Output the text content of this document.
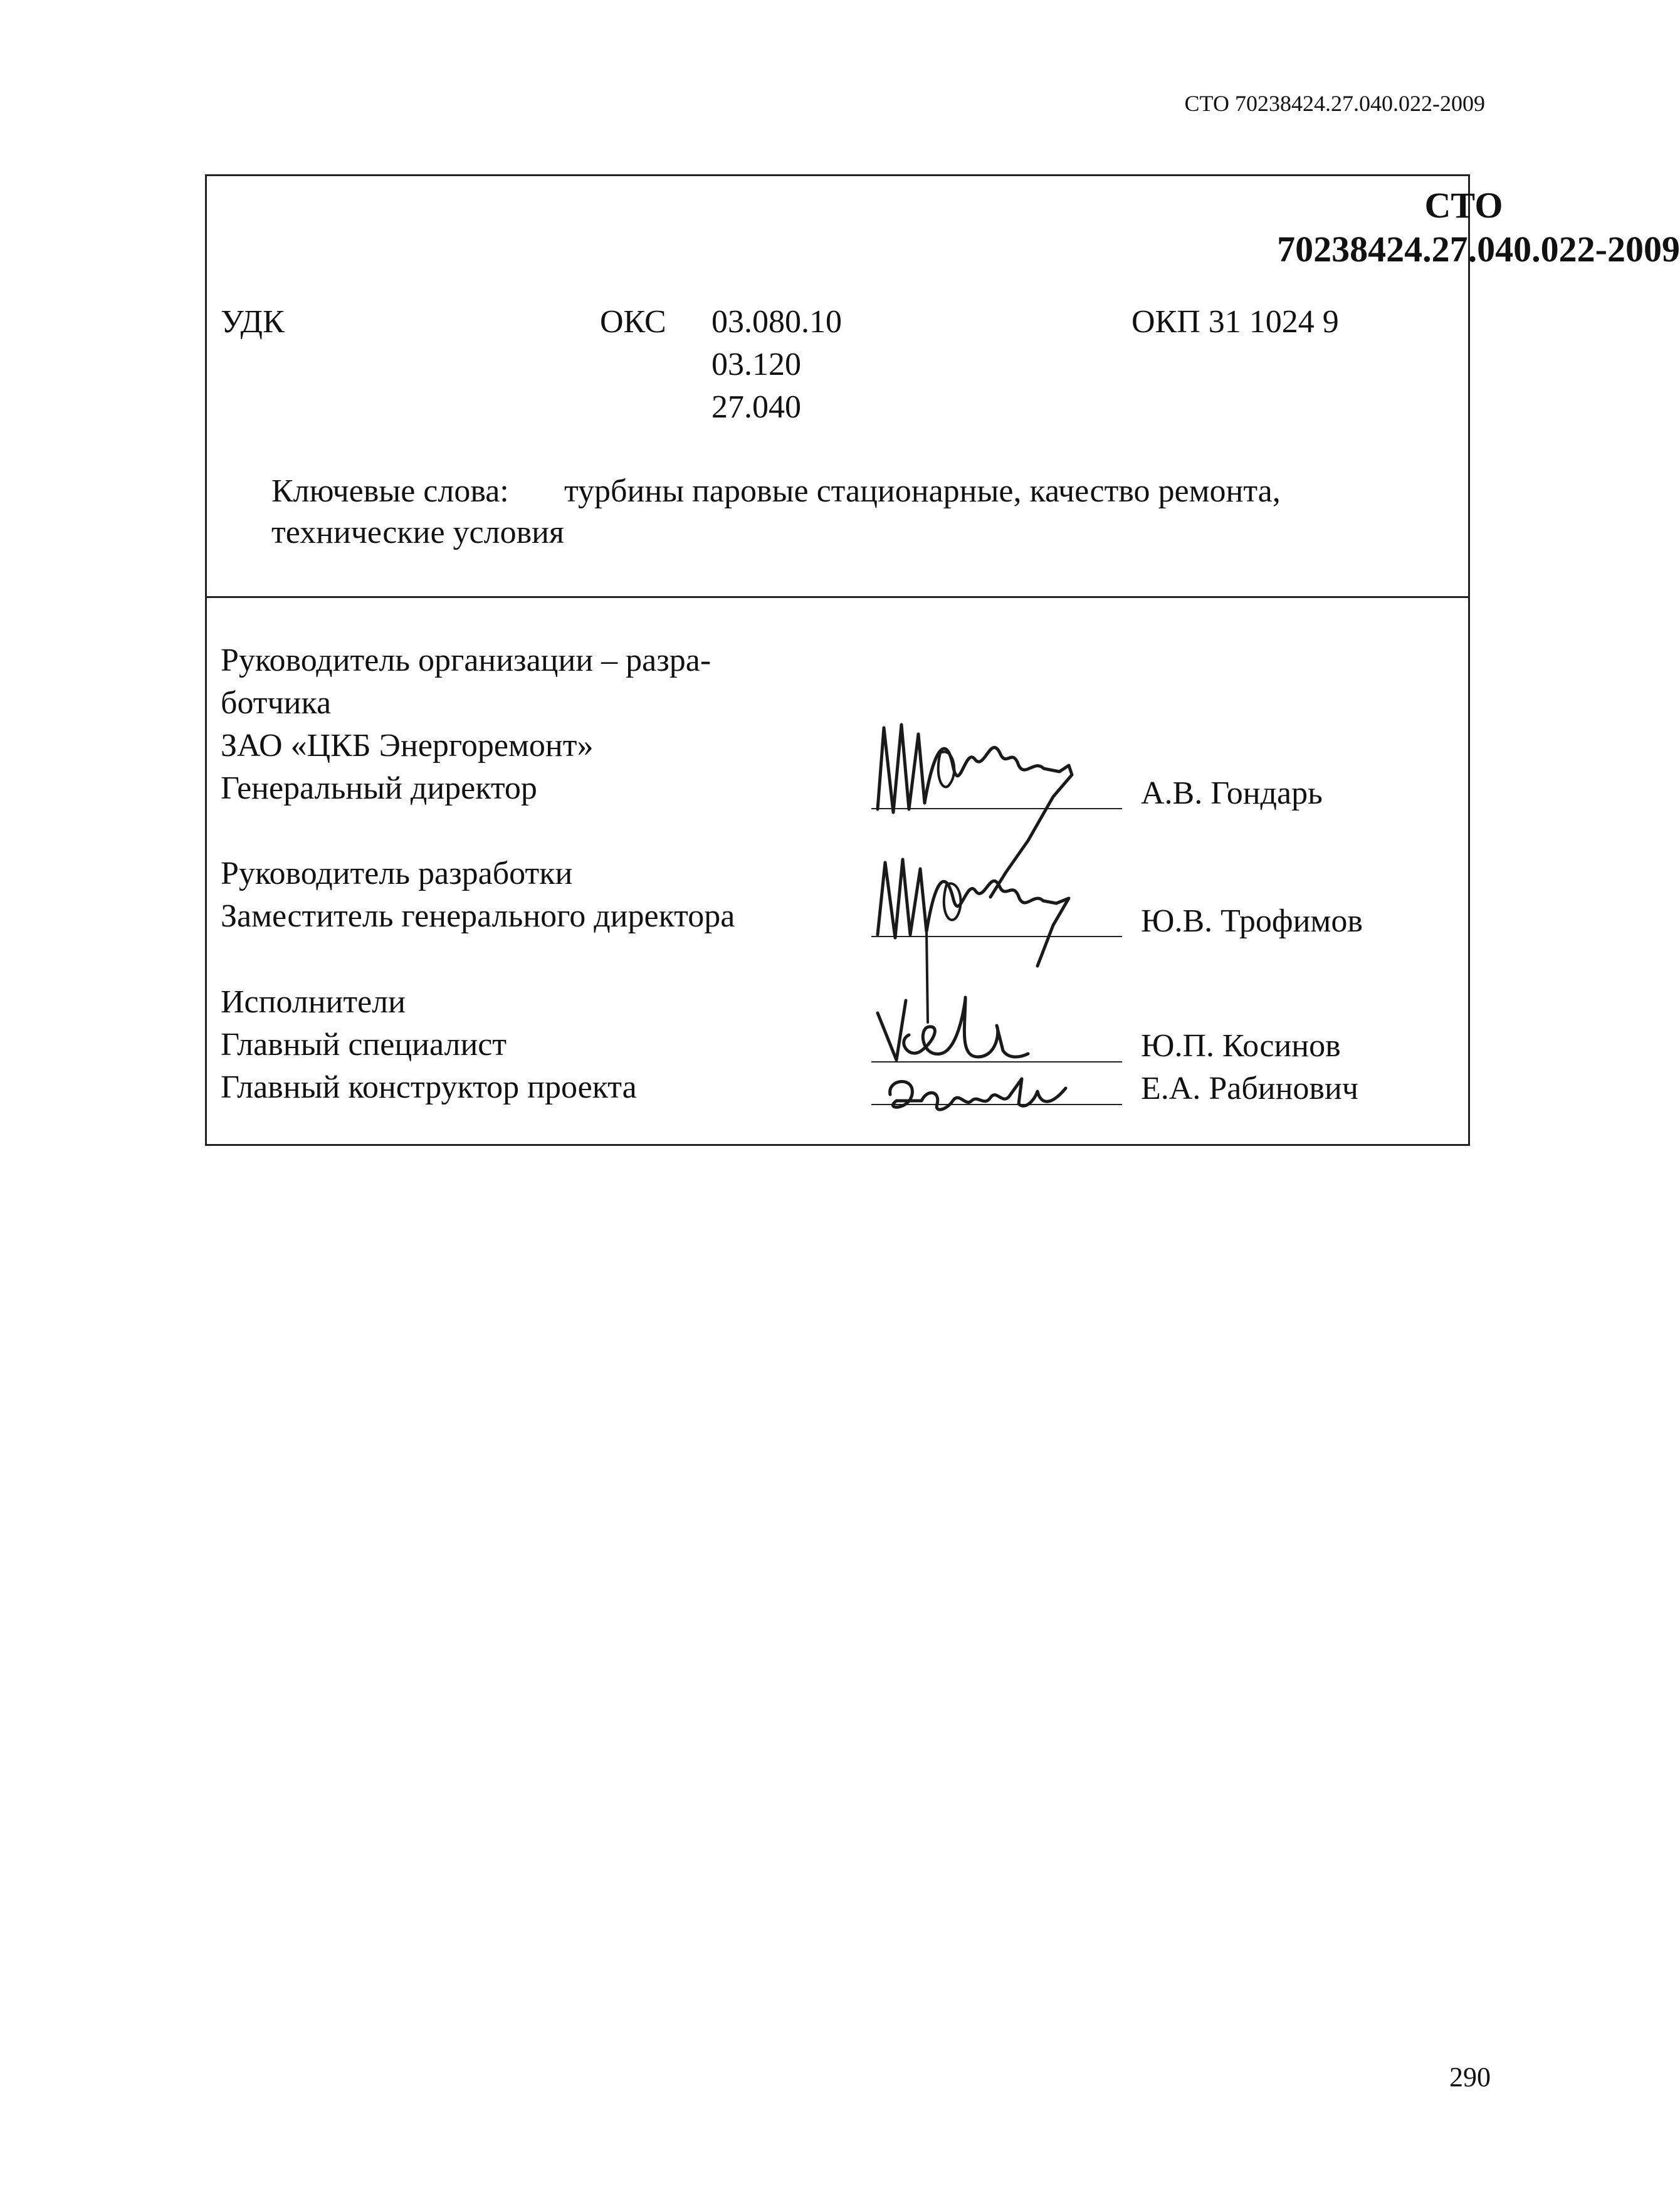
СТО 70238424.27.040.022-2009
СТО
70238424.27.040.022-2009
УДК	ОКС 03.080.10
03.120
27.040
ОКП 31 1024 9
Ключевые слова: турбины паровые стационарные, качество ремонта,
технические условия
Руководитель организации – разра-
ботчика
ЗАО «ЦКБ Энергоремонт»
Генеральный директор	А.В. Гондарь
Руководитель разработки
Заместитель генерального директора	Ю.В. Трофимов
Исполнители
Главный специалист	Ю.П. Косинов
Главный конструктор проекта	Е.А. Рабинович
290
